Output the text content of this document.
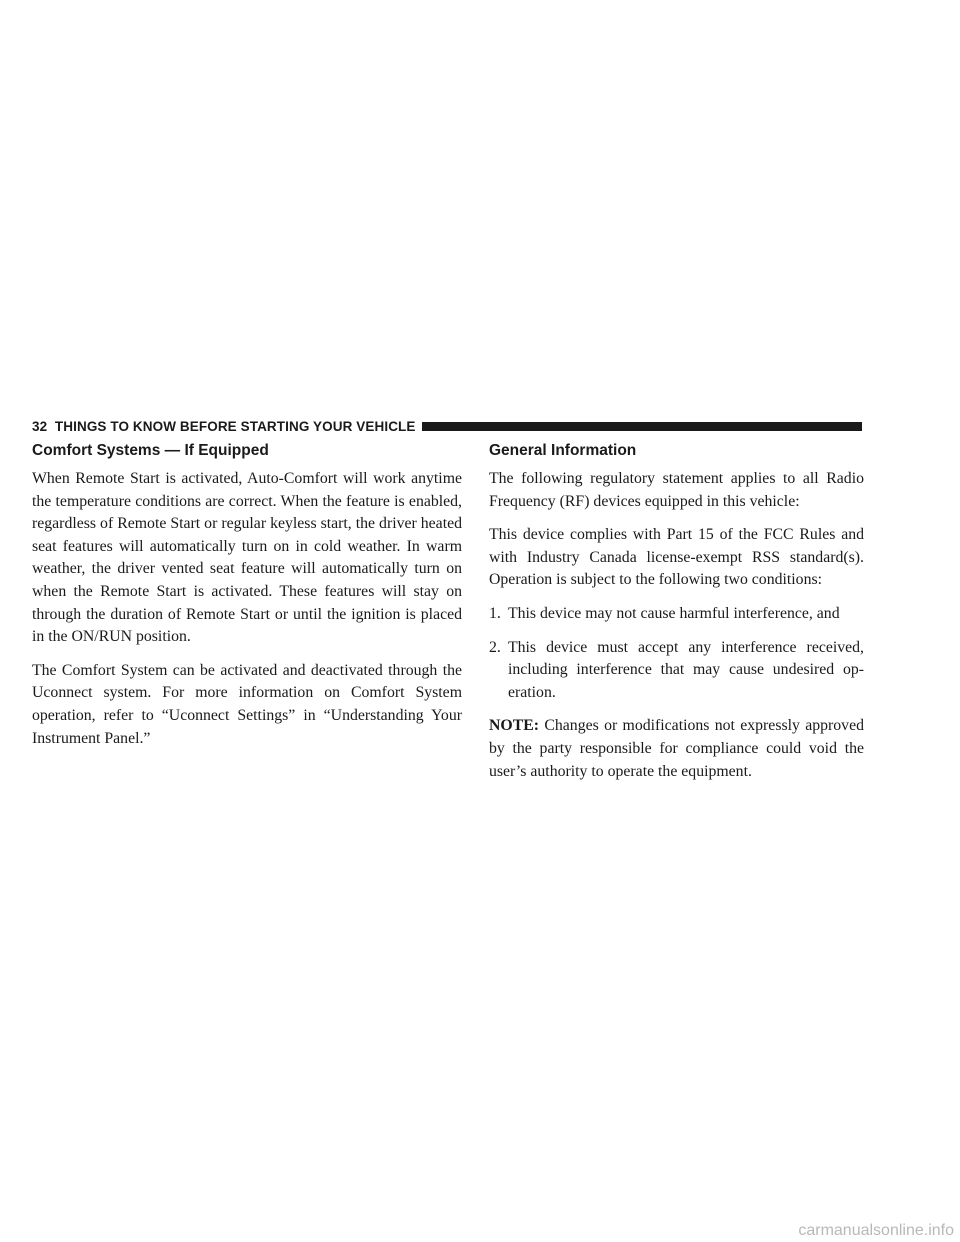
32 THINGS TO KNOW BEFORE STARTING YOUR VEHICLE
Comfort Systems — If Equipped

When Remote Start is activated, Auto-Comfort will work anytime the temperature conditions are correct. When the feature is enabled, regardless of Remote Start or regular keyless start, the driver heated seat features will automatically turn on in cold weather. In warm weather, the driver vented seat feature will automatically turn on when the Remote Start is activated. These features will stay on through the duration of Remote Start or until the ignition is placed in the ON/RUN position.

The Comfort System can be activated and deactivated through the Uconnect system. For more information on Comfort System operation, refer to “Uconnect Settings” in “Understanding Your Instrument Panel.”

General Information

The following regulatory statement applies to all Radio Frequency (RF) devices equipped in this vehicle:

This device complies with Part 15 of the FCC Rules and with Industry Canada license-exempt RSS standard(s). Operation is subject to the following two conditions:

1. This device may not cause harmful interference, and

2. This device must accept any interference received, including interference that may cause undesired op- eration.

NOTE: Changes or modifications not expressly approved by the party responsible for compliance could void the user’s authority to operate the equipment.

carmanualsonline.info
